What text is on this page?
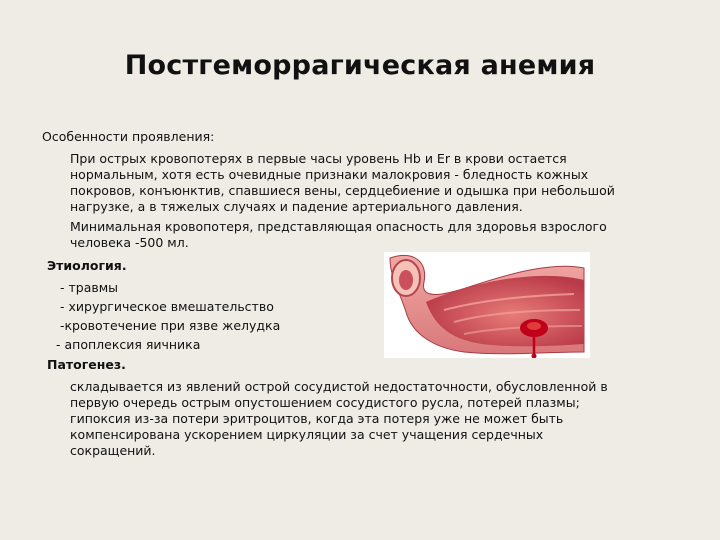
Постгеморрагическая анемия
Особенности проявления:
При острых кровопотерях в первые часы уровень Hb и Er в крови остается
нормальным, хотя есть очевидные признаки малокровия - бледность кожных
покровов, конъюнктив, спавшиеся вены, сердцебиение и одышка при небольшой
нагрузке, а в тяжелых случаях и падение артериального давления.
Минимальная кровопотеря, представляющая опасность для здоровья взрослого
человека -500 мл.
Этиология.
- травмы
- хирургическое вмешательство
-кровотечение при язве желудка
- апоплексия яичника
Патогенез.
складывается из явлений острой сосудистой недостаточности, обусловленной в
первую очередь острым опустошением сосудистого русла, потерей плазмы;
гипоксия из-за потери эритроцитов, когда эта потеря уже не может быть
компенсирована ускорением циркуляции за счет учащения сердечных
сокращений.
